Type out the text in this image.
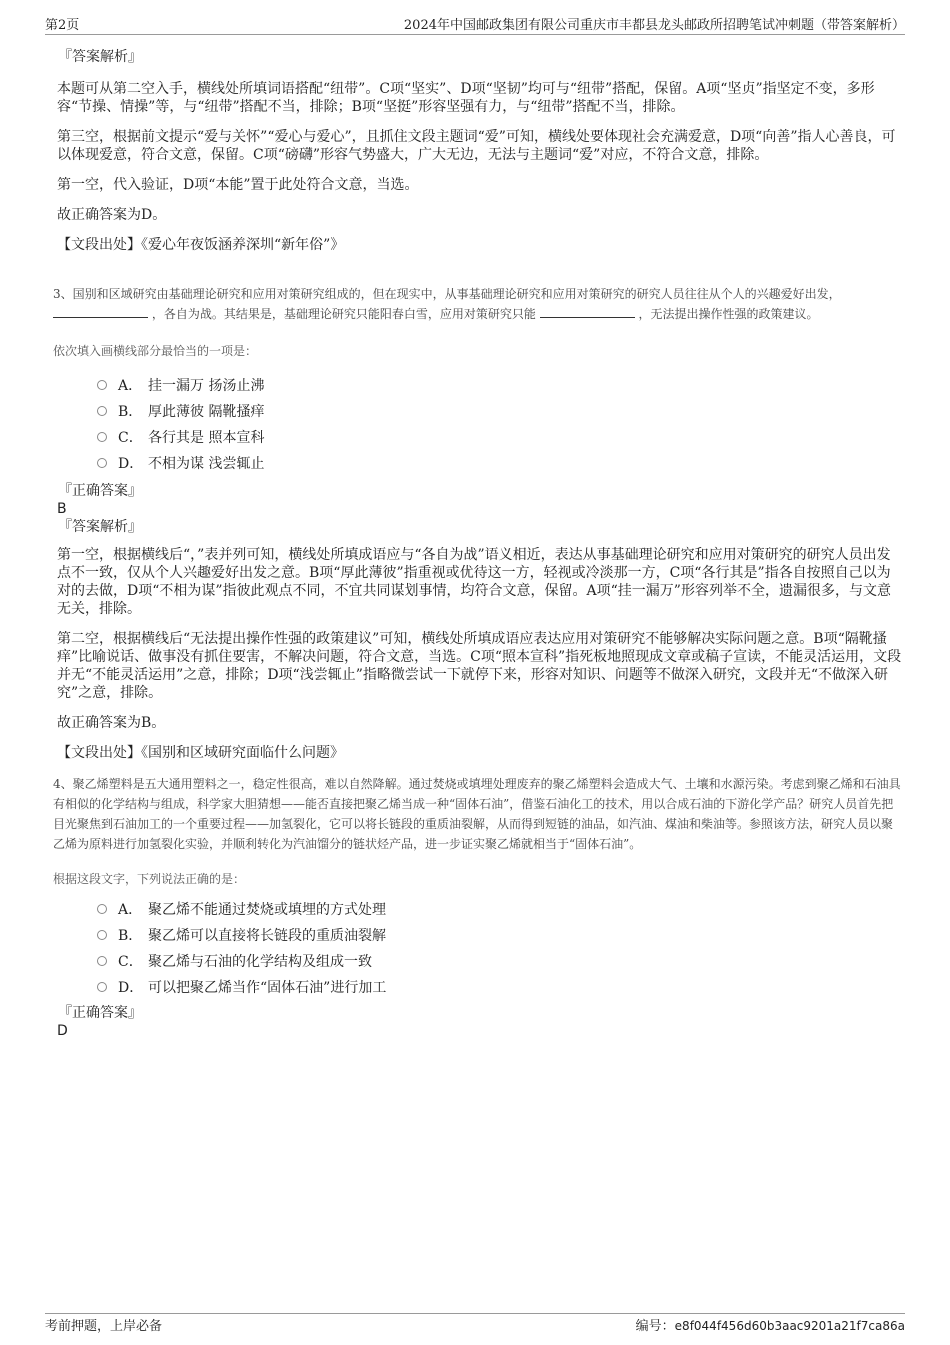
第2页	2024年中国邮政集团有限公司重庆市丰都县龙头邮政所招聘笔试冲刺题（带答案解析）
『答案解析』

本题可从第二空入手，横线处所填词语搭配“纽带”。C项“坚实”、D项“坚韧”均可与“纽带”搭配，保留。A项“坚贞”指坚定不变，多形容“节操、情操”等，与“纽带”搭配不当，排除；B项“坚挺”形容坚强有力，与“纽带”搭配不当，排除。

第三空，根据前文提示“爱与关怀”“爱心与爱心”，且抓住文段主题词“爱”可知，横线处要体现社会充满爱意，D项“向善”指人心善良，可以体现爱意，符合文意，保留。C项“磅礴”形容气势盛大，广大无边，无法与主题词“爱”对应，不符合文意，排除。

第一空，代入验证，D项“本能”置于此处符合文意，当选。

故正确答案为D。

【文段出处】《爱心年夜饭涵养深圳“新年俗”》

3、国别和区域研究由基础理论研究和应用对策研究组成的，但在现实中，从事基础理论研究和应用对策研究的研究人员往往从个人的兴趣爱好出发，  ，各自为战。其结果是，基础理论研究只能阳春白雪，应用对策研究只能	，无法提出操作性强的政策建议。
依次填入画横线部分最恰当的一项是：
A． 挂一漏万 扬汤止沸
B． 厚此薄彼 隔靴搔痒
C． 各行其是 照本宣科
D． 不相为谋 浅尝辄止
『正确答案』
B
『答案解析』

第一空，根据横线后“，”表并列可知，横线处所填成语应与“各自为战”语义相近，表达从事基础理论研究和应用对策研究的研究人员出发点不一致，仅从个人兴趣爱好出发之意。B项“厚此薄彼”指重视或优待这一方，轻视或冷淡那一方，C项“各行其是”指各自按照自己以为对的去做，D项“不相为谋”指彼此观点不同，不宜共同谋划事情，均符合文意，保留。A项“挂一漏万”形容列举不全，遗漏很多，与文意无关，排除。

第二空，根据横线后“无法提出操作性强的政策建议”可知，横线处所填成语应表达应用对策研究不能够解决实际问题之意。B项“隔靴搔痒”比喻说话、做事没有抓住要害，不解决问题，符合文意，当选。C项“照本宣科”指死板地照现成文章或稿子宣读，不能灵活运用，文段并无“不能灵活运用”之意，排除；D项“浅尝辄止”指略微尝试一下就停下来，形容对知识、问题等不做深入研究，文段并无“不做深入研究”之意，排除。

故正确答案为B。

【文段出处】《国别和区域研究面临什么问题》

4、聚乙烯塑料是五大通用塑料之一，稳定性很高，难以自然降解。通过焚烧或填埋处理废弃的聚乙烯塑料会造成大气、土壤和水源污染。考虑到聚乙烯和石油具有相似的化学结构与组成，科学家大胆猜想——能否直接把聚乙烯当成一种“固体石油”，借鉴石油化工的技术，用以合成石油的下游化学产品？研究人员首先把目光聚焦到石油加工的一个重要过程——加氢裂化，它可以将长链段的重质油裂解，从而得到短链的油品，如汽油、煤油和柴油等。参照该方法，研究人员以聚乙烯为原料进行加氢裂化实验，并顺利转化为汽油馏分的链状烃产品，进一步证实聚乙烯就相当于“固体石油”。
根据这段文字，下列说法正确的是：
A． 聚乙烯不能通过焚烧或填埋的方式处理
B． 聚乙烯可以直接将长链段的重质油裂解
C． 聚乙烯与石油的化学结构及组成一致
D． 可以把聚乙烯当作“固体石油”进行加工
『正确答案』
D
考前押题，上岸必备	编号：e8f044f456d60b3aac9201a21f7ca86a
